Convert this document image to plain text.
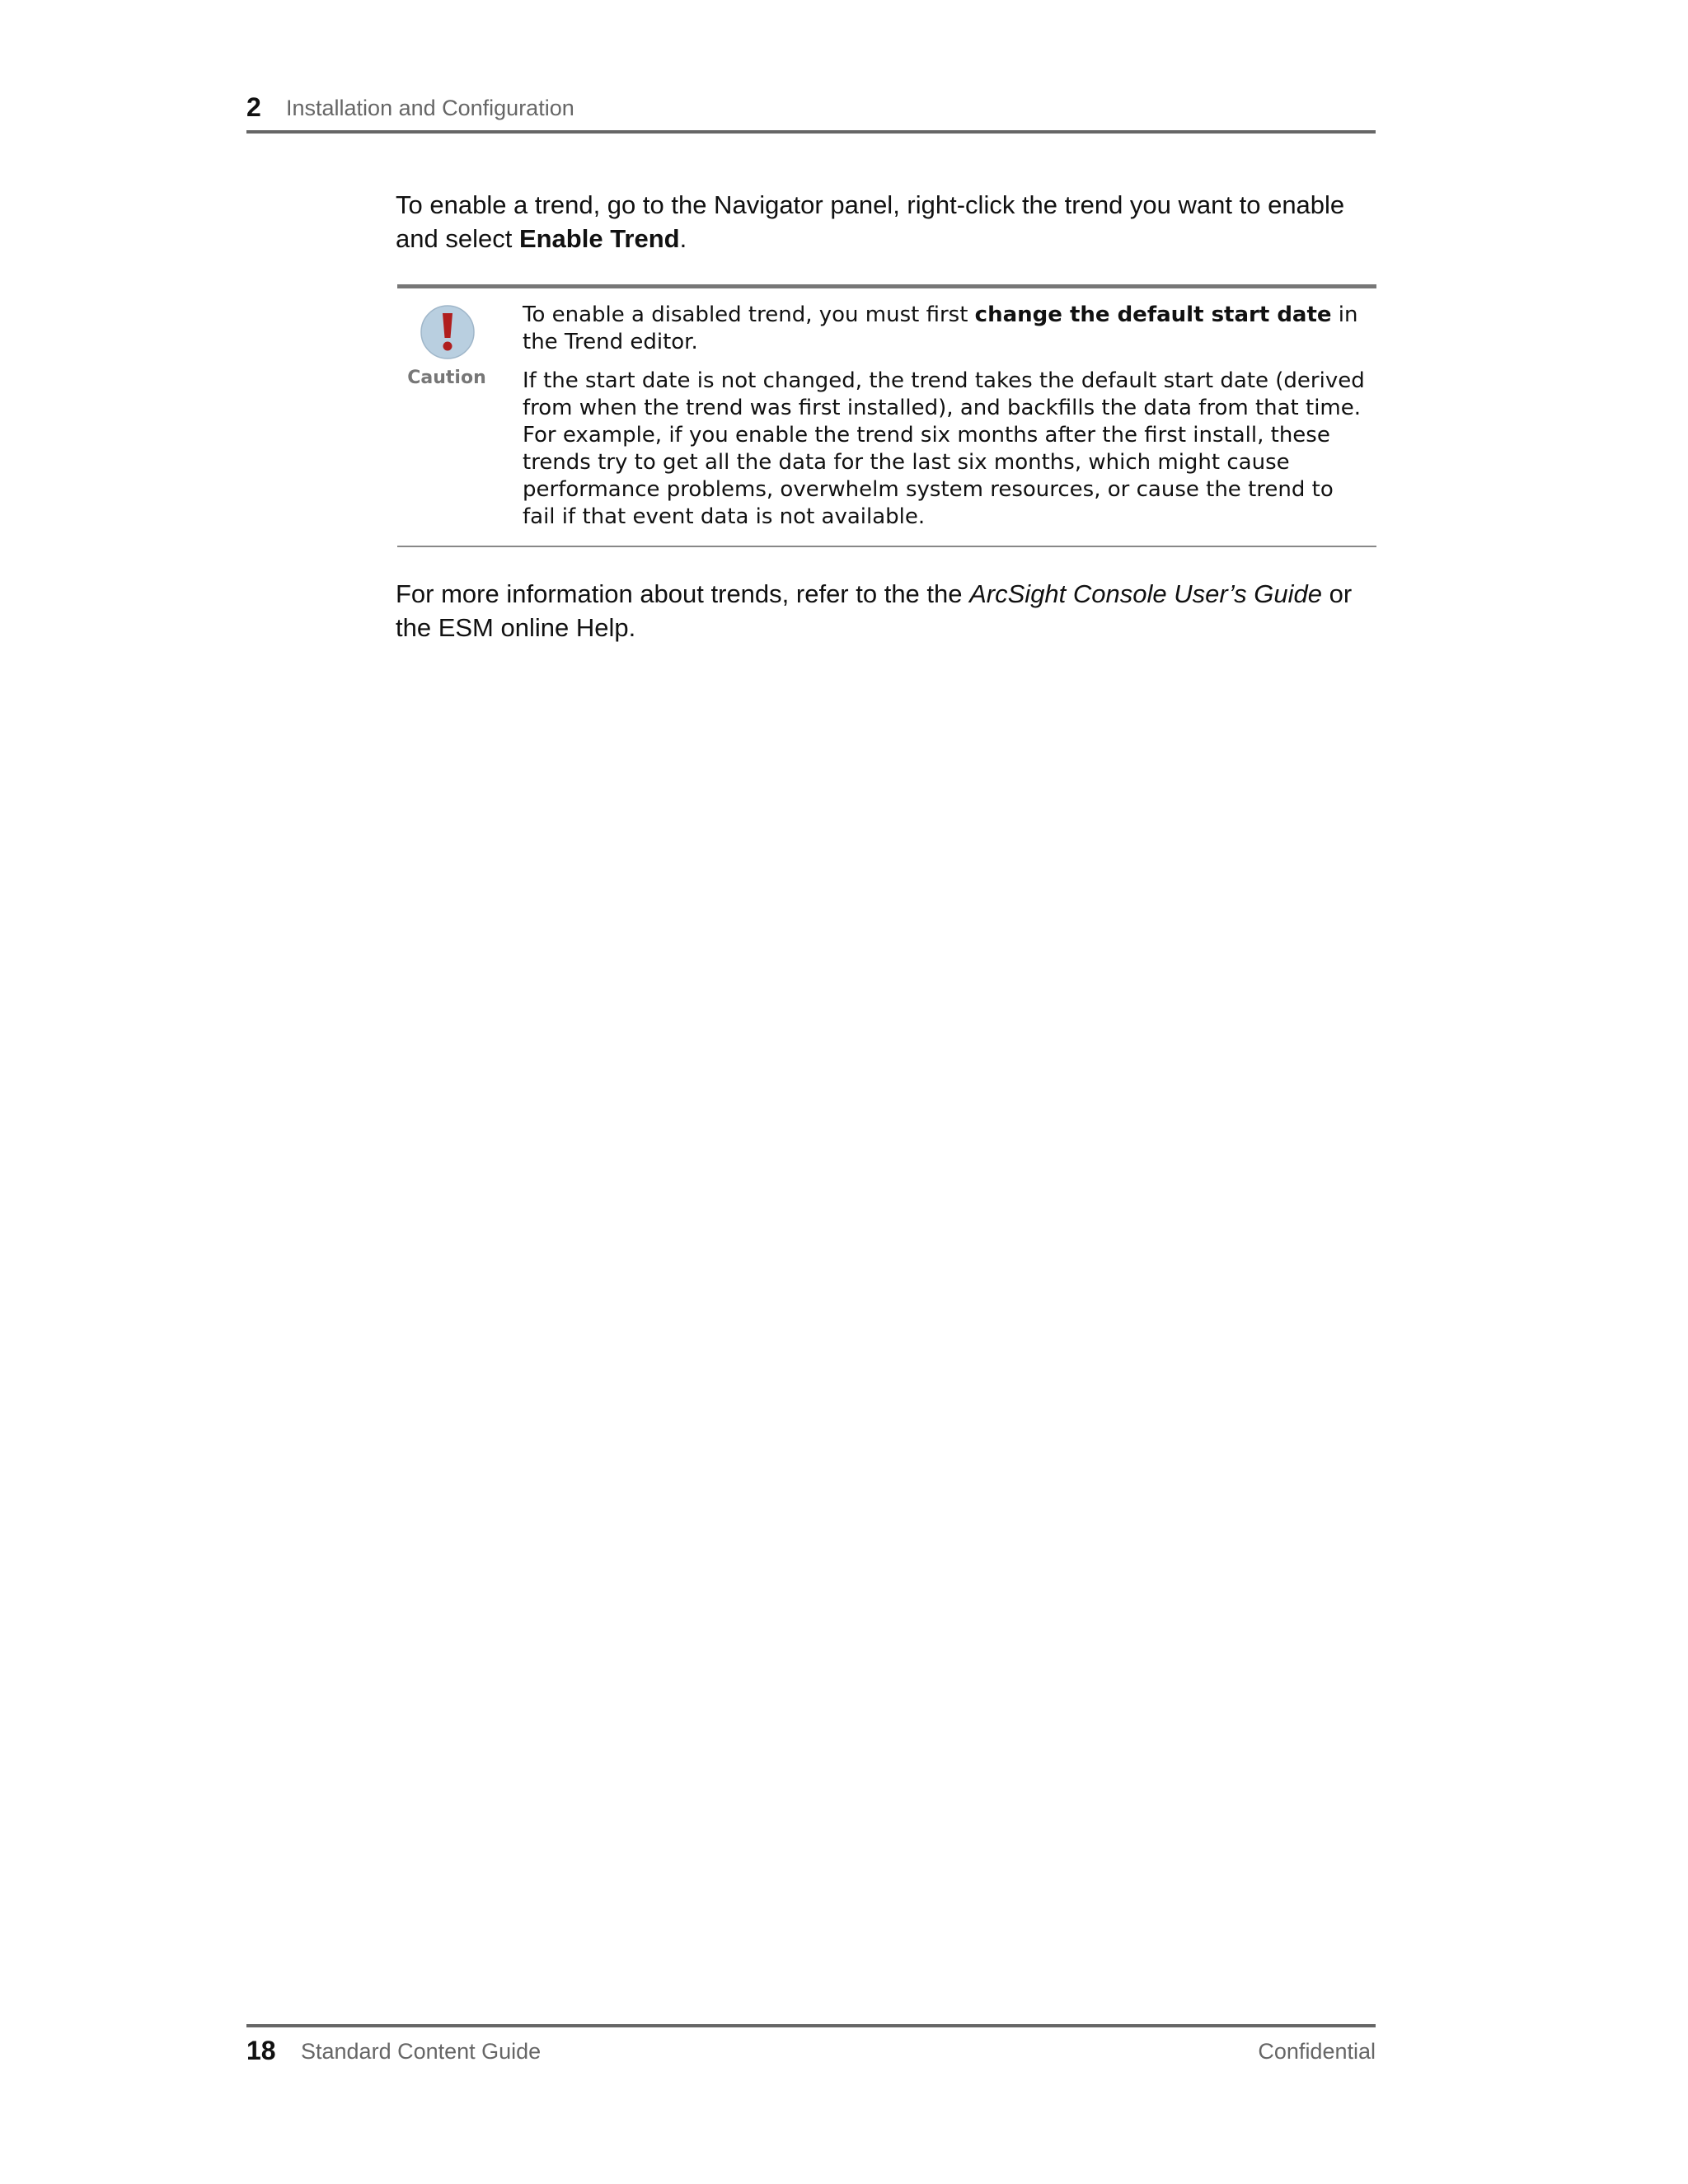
2 Installation and Configuration
To enable a trend, go to the Navigator panel, right-click the trend you want to enable and select Enable Trend.
Caution

To enable a disabled trend, you must first change the default start date in the Trend editor.

If the start date is not changed, the trend takes the default start date (derived from when the trend was first installed), and backfills the data from that time. For example, if you enable the trend six months after the first install, these trends try to get all the data for the last six months, which might cause performance problems, overwhelm system resources, or cause the trend to fail if that event data is not available.

For more information about trends, refer to the the ArcSight Console User’s Guide or the ESM online Help.
18 Standard Content Guide	Confidential
